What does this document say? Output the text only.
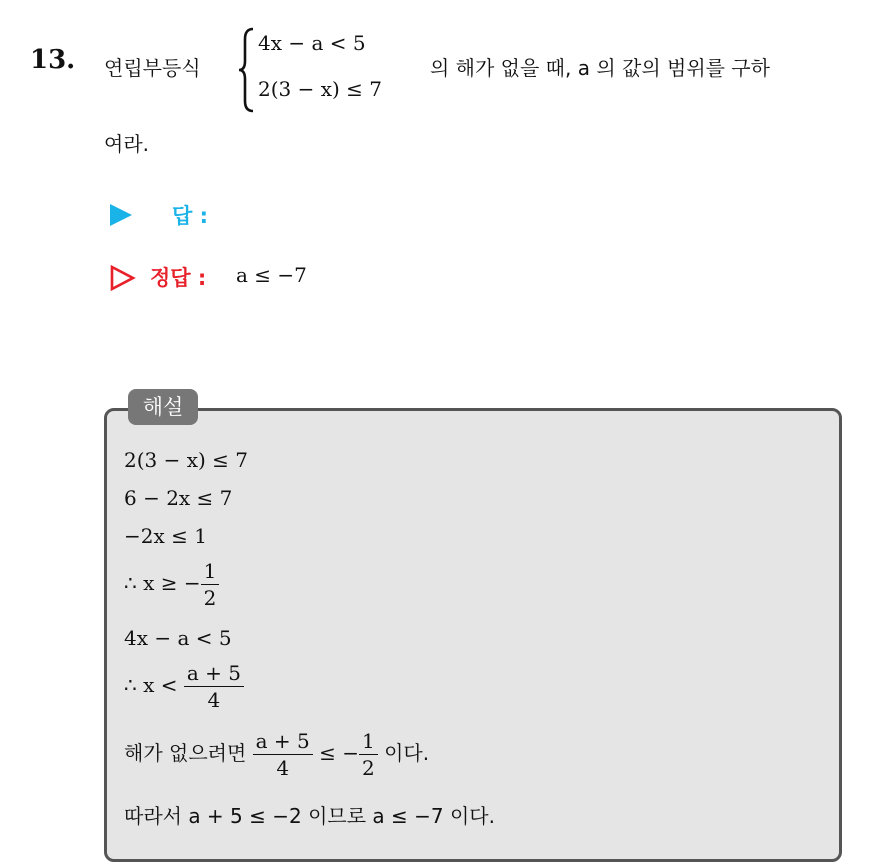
13. 연립부등식
4x − a < 5
2(3 − x) ≤ 7
의 해가 없을 때, a 의 값의 범위를 구하
여라.
답 :
정답 : a ≤ −7
해설
2(3 − x) ≤ 7
6 − 2x ≤ 7
−2x ≤ 1
∴ x ≥ − $\frac{1}{2}$
4x − a < 5
∴ $x < \frac{a + 5}{4}$
해가 없으려면 $\frac{a + 5}{4}$ ≤ − $\frac{1}{2}$ 이다.
따라서 a + 5 ≤ −2 이므로 a ≤ −7 이다.
